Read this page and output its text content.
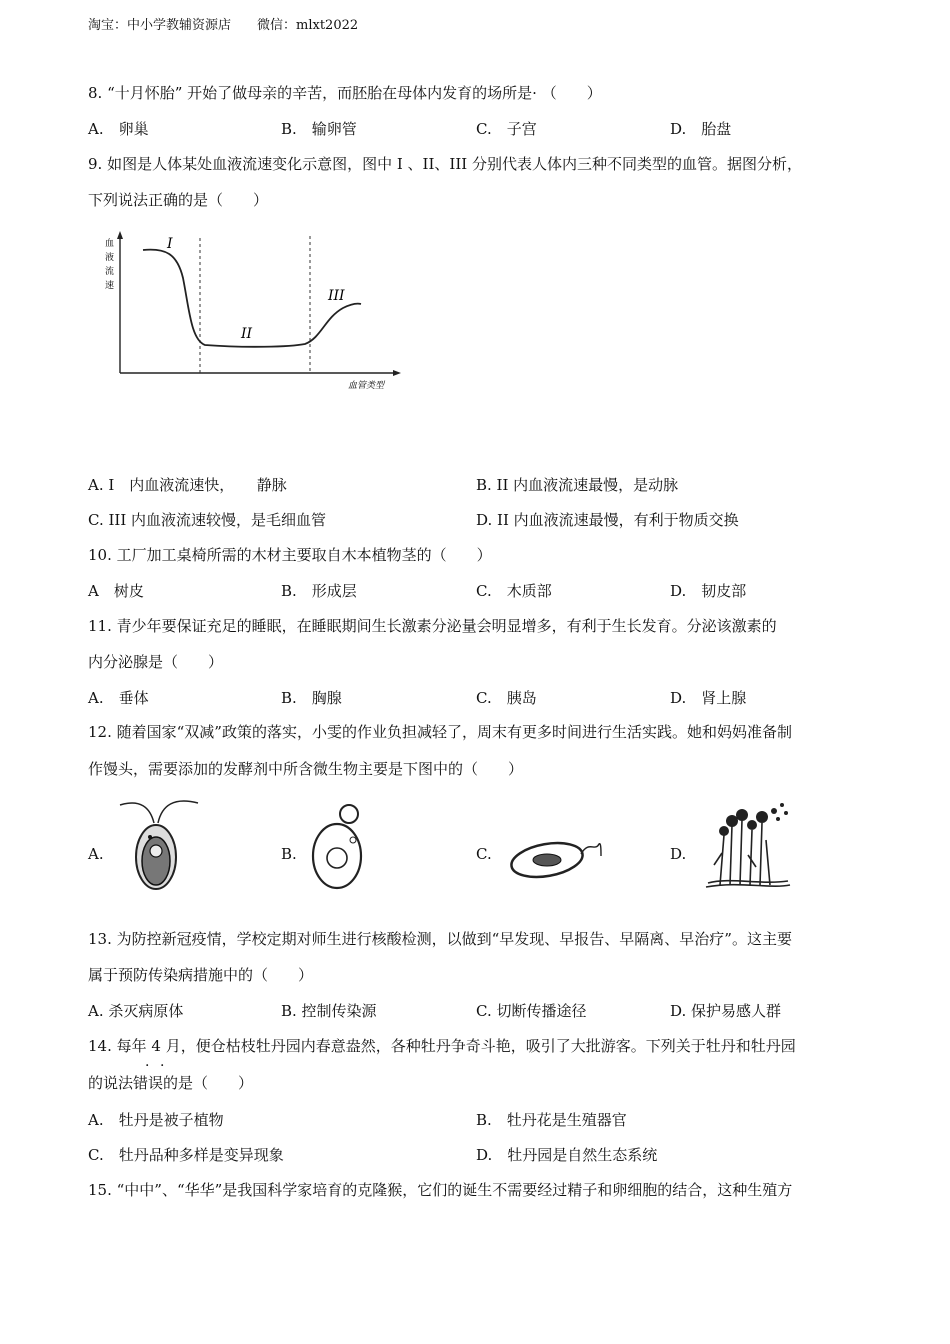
淘宝：中小学教辅资源店 微信：mlxt2022
8. “十月怀胎” 开始了做母亲的辛苦，而胚胎在母体内发育的场所是· （　　）
A.　卵巢	B.　输卵管	C.　子宫	D.　胎盘
9. 如图是人体某处血液流速变化示意图，图中 Ⅰ 、II、III 分别代表人体内三种不同类型的血管。据图分析，
下列说法正确的是（　　）
血
液
流
速
I
II
III
血管类型
A. Ⅰ　内血液流速快，　　静脉	B. II 内血液流速最慢，是动脉
C. III 内血液流速较慢，是毛细血管	D. II 内血液流速最慢，有利于物质交换
10. 工厂加工桌椅所需的木材主要取自木本植物茎的（　　）
A　树皮	B.　形成层	C.　木质部	D.　韧皮部
11. 青少年要保证充足的睡眠，在睡眠期间生长激素分泌量会明显增多，有利于生长发育。分泌该激素的
内分泌腺是（　　）
A.　垂体	B.　胸腺	C.　胰岛	D.　肾上腺
12. 随着国家“双减”政策的落实，小雯的作业负担减轻了，周末有更多时间进行生活实践。她和妈妈准备制
作馒头，需要添加的发酵剂中所含微生物主要是下图中的（　　）
A.	B.	C.	D.
13. 为防控新冠疫情，学校定期对师生进行核酸检测，以做到“早发现、早报告、早隔离、早治疗”。这主要
属于预防传染病措施中的（　　）
A. 杀灭病原体	B. 控制传染源	C. 切断传播途径	D. 保护易感人群
14. 每年 4 月，便仓枯枝牡丹园内春意盎然，各种牡丹争奇斗艳，吸引了大批游客。下列关于牡丹和牡丹园
· ·
的说法错误的是（　　）
A.　牡丹是被子植物	B.　牡丹花是生殖器官
C.　牡丹品种多样是变异现象	D.　牡丹园是自然生态系统
15. “中中”、“华华”是我国科学家培育的克隆猴，它们的诞生不需要经过精子和卵细胞的结合，这种生殖方
